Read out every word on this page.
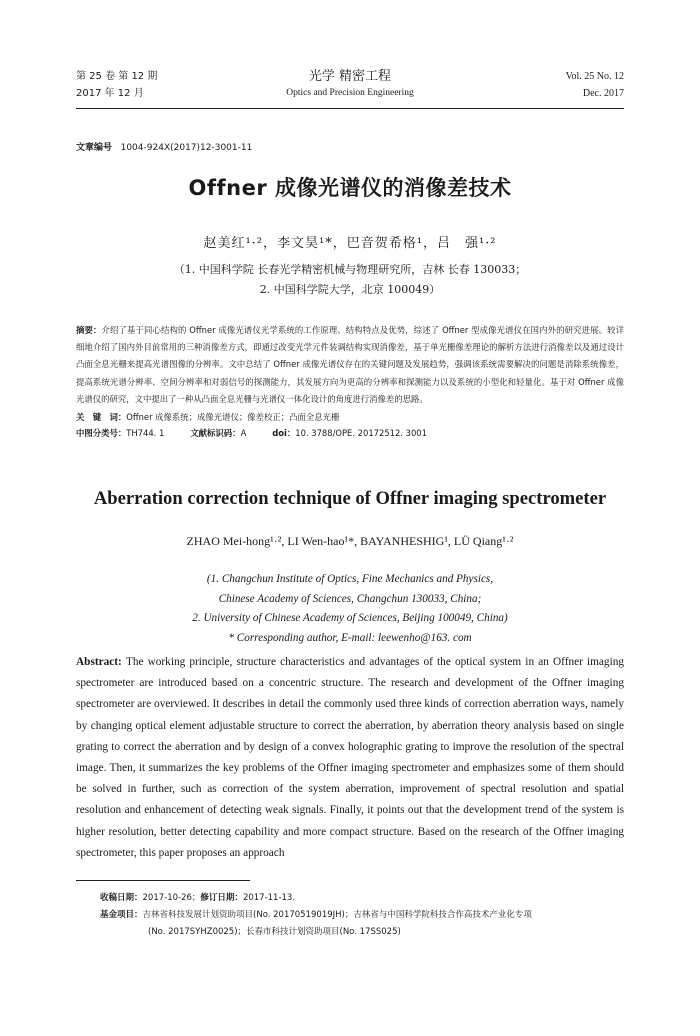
第 25 卷 第 12 期
2017 年 12 月
光学 精密工程
Optics and Precision Engineering
Vol. 25 No. 12
Dec. 2017
文章编号 1004-924X(2017)12-3001-11
Offner 成像光谱仪的消像差技术
赵美红¹·²，李文昊¹*，巴音贺希格¹，吕　强¹·²
（1. 中国科学院 长春光学精密机械与物理研究所，吉林 长春 130033；
2. 中国科学院大学，北京 100049）
摘要：介绍了基于同心结构的 Offner 成像光谱仪光学系统的工作原理、结构特点及优势，综述了 Offner 型成像光谱仪在国内外的研究进展。较详细地介绍了国内外目前常用的三种消像差方式，即通过改变光学元件装调结构实现消像差，基于单光栅像差理论的解析方法进行消像差以及通过设计凸面全息光栅来提高光谱图像的分辨率。文中总结了 Offner 成像光谱仪存在的关键问题及发展趋势，强调该系统需要解决的问题是消除系统像差，提高系统光谱分辨率、空间分辨率和对弱信号的探测能力，其发展方向为更高的分辨率和探测能力以及系统的小型化和轻量化。基于对 Offner 成像光谱仪的研究，文中提出了一种从凸面全息光栅与光谱仪一体化设计的角度进行消像差的思路。
关　键　词：Offner 成像系统；成像光谱仪；像差校正；凸面全息光栅
中图分类号：TH744. 1	文献标识码：A	doi：10. 3788/OPE. 20172512. 3001
Aberration correction technique of Offner imaging spectrometer
ZHAO Mei-hong¹·², LI Wen-hao¹*, BAYANHESHIG¹, LÜ Qiang¹·²
(1. Changchun Institute of Optics, Fine Mechanics and Physics,
Chinese Academy of Sciences, Changchun 130033, China;
2. University of Chinese Academy of Sciences, Beijing 100049, China)
* Corresponding author, E-mail: leewenho@163. com
Abstract: The working principle, structure characteristics and advantages of the optical system in an Offner imaging spectrometer are introduced based on a concentric structure. The research and development of the Offner imaging spectrometer are overviewed. It describes in detail the commonly used three kinds of correction aberration ways, namely by changing optical element adjustable structure to correct the aberration, by aberration theory analysis based on single grating to correct the aberration and by design of a convex holographic grating to improve the resolution of the spectral image. Then, it summarizes the key problems of the Offner imaging spectrometer and emphasizes some of them should be solved in further, such as correction of the system aberration, improvement of spectral resolution and spatial resolution and enhancement of detecting weak signals. Finally, it points out that the development trend of the system is higher resolution, better detecting capability and more compact structure. Based on the research of the Offner imaging spectrometer, this paper proposes an approach
收稿日期：2017-10-26；修订日期：2017-11-13.
基金项目：吉林省科技发展计划资助项目(No. 20170519019JH)；吉林省与中国科学院科技合作高技术产业化专项
(No. 2017SYHZ0025)；长春市科技计划资助项目(No. 17SS025)
